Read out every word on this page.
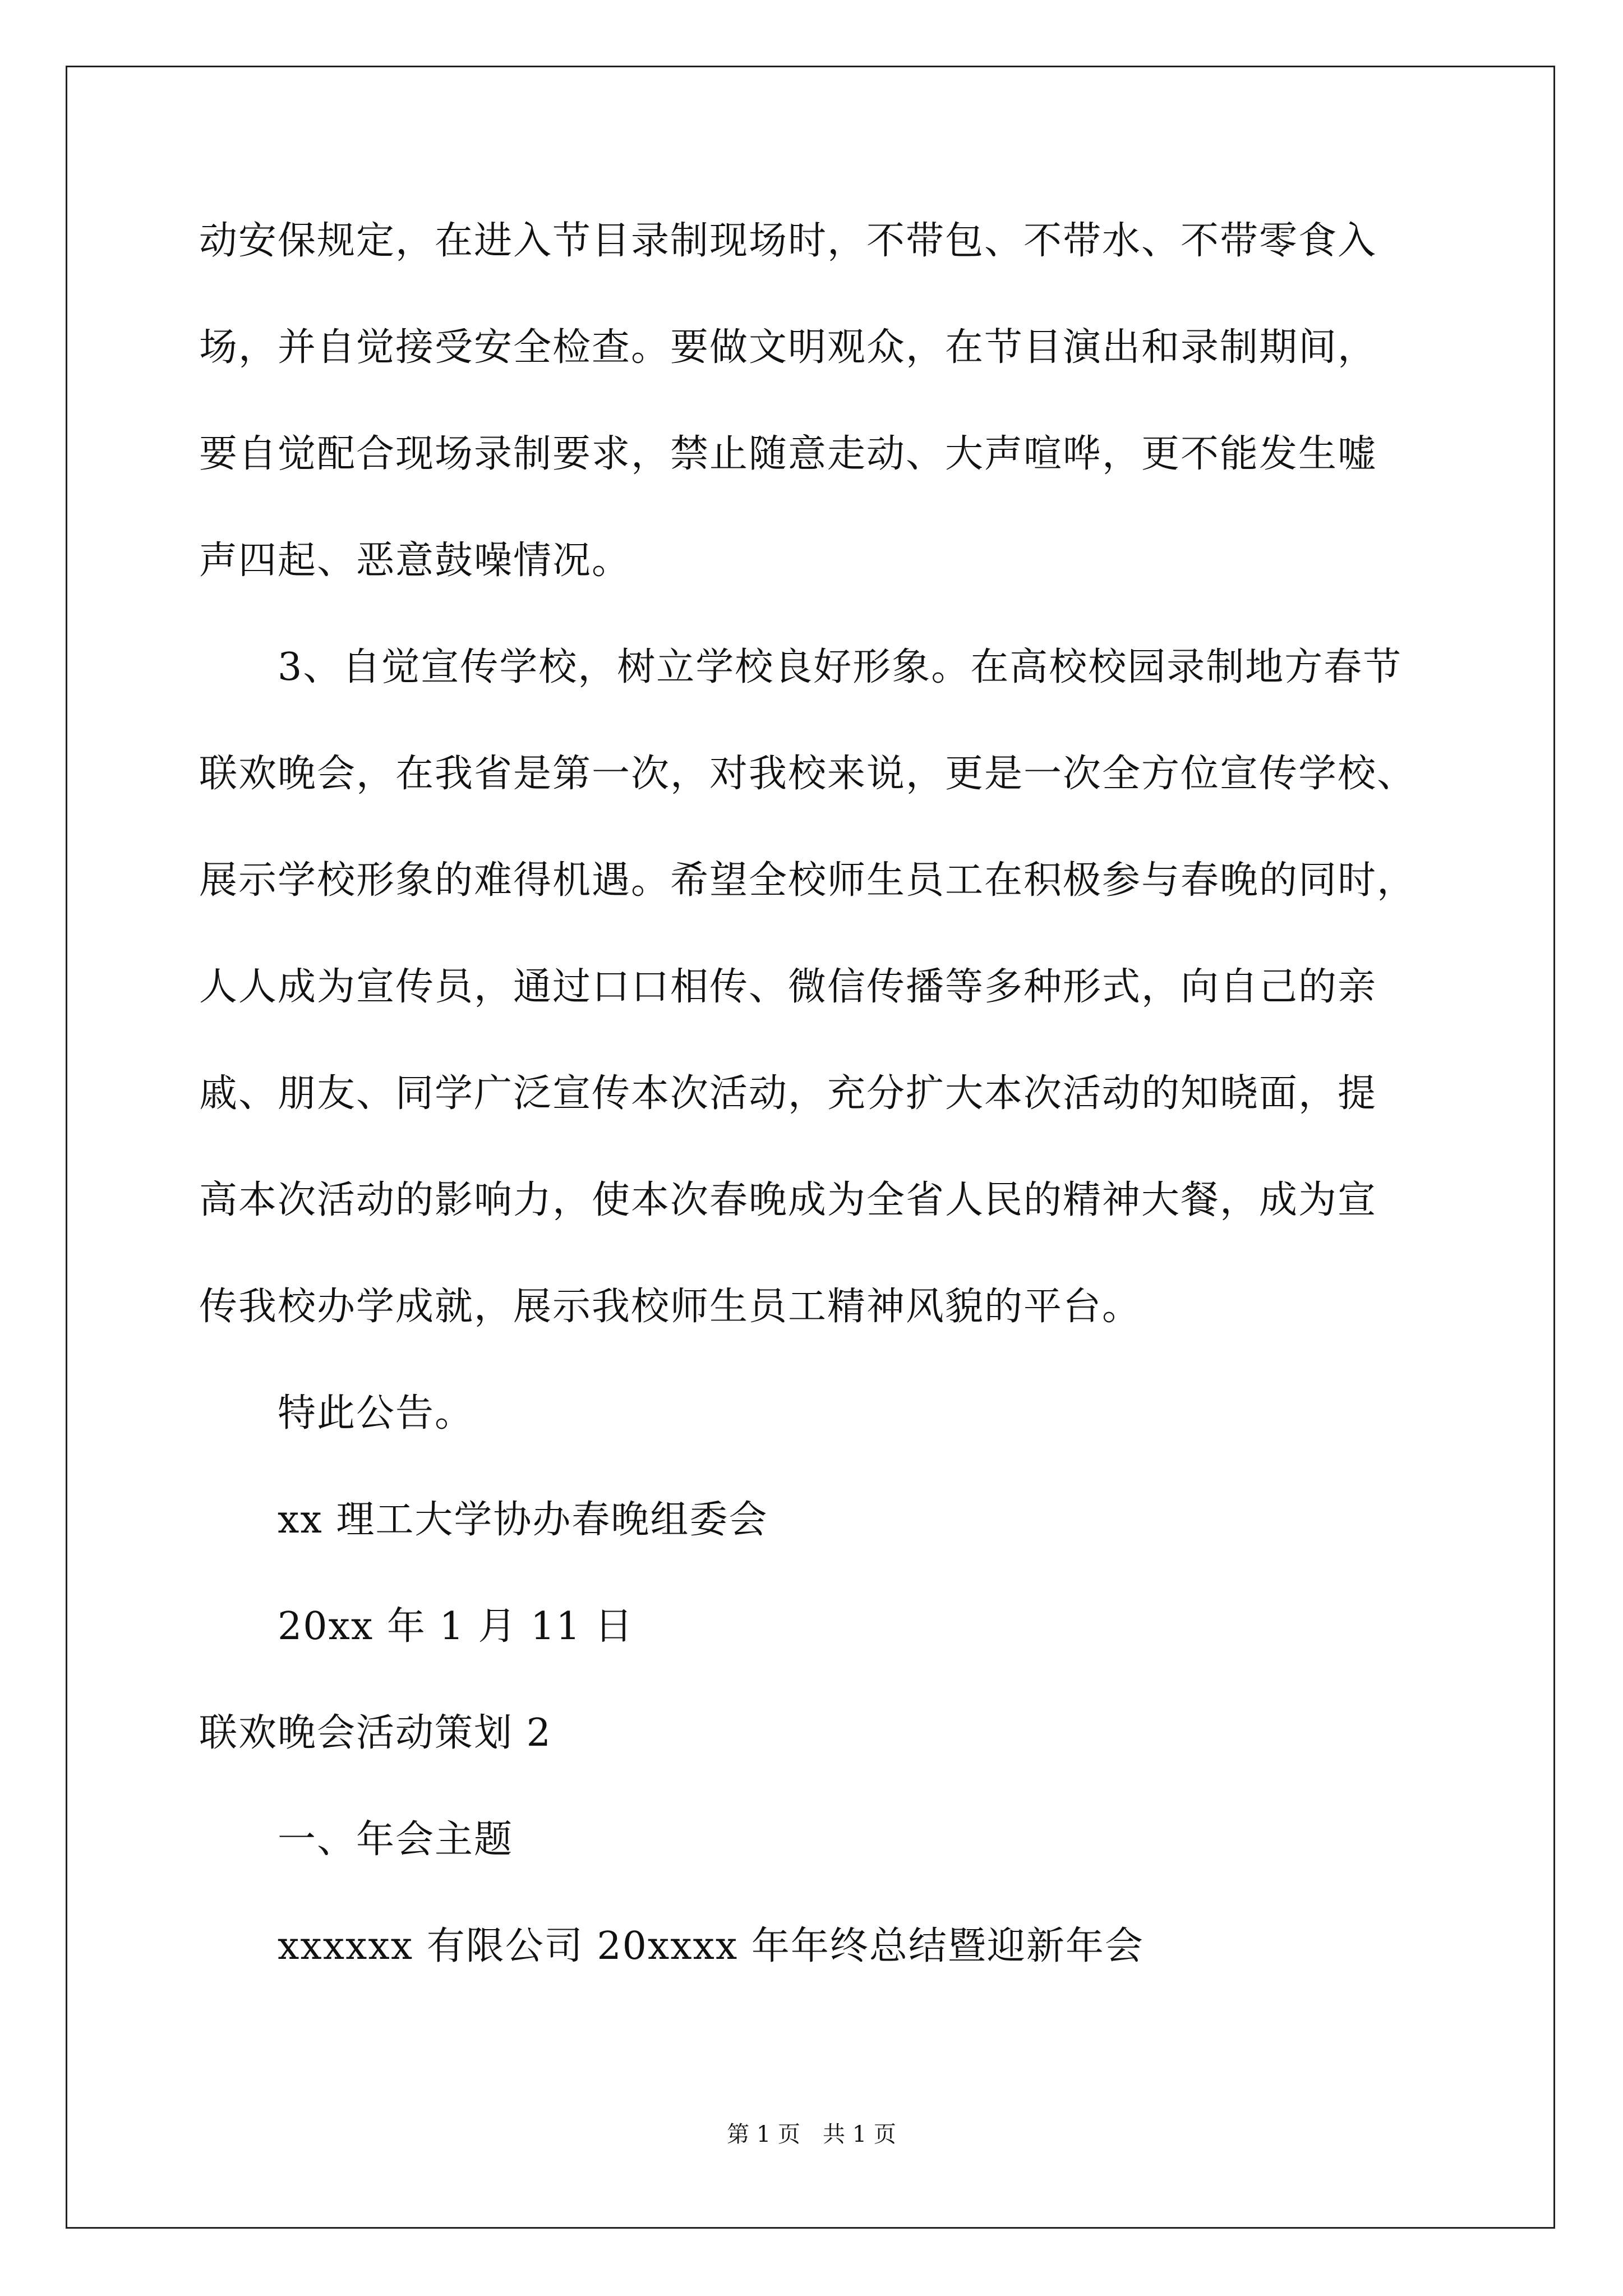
动安保规定，在进入节目录制现场时，不带包、不带水、不带零食入
场，并自觉接受安全检查。要做文明观众，在节目演出和录制期间，
要自觉配合现场录制要求，禁止随意走动、大声喧哗，更不能发生嘘
声四起、恶意鼓噪情况。
3、自觉宣传学校，树立学校良好形象。在高校校园录制地方春节
联欢晚会，在我省是第一次，对我校来说，更是一次全方位宣传学校、
展示学校形象的难得机遇。希望全校师生员工在积极参与春晚的同时，
人人成为宣传员，通过口口相传、微信传播等多种形式，向自己的亲
戚、朋友、同学广泛宣传本次活动，充分扩大本次活动的知晓面，提
高本次活动的影响力，使本次春晚成为全省人民的精神大餐，成为宣
传我校办学成就，展示我校师生员工精神风貌的平台。
特此公告。
xx 理工大学协办春晚组委会
20xx 年 1 月 11 日
联欢晚会活动策划 2
一、年会主题
xxxxxx 有限公司 20xxxx 年年终总结暨迎新年会
第 1 页　共 1 页
